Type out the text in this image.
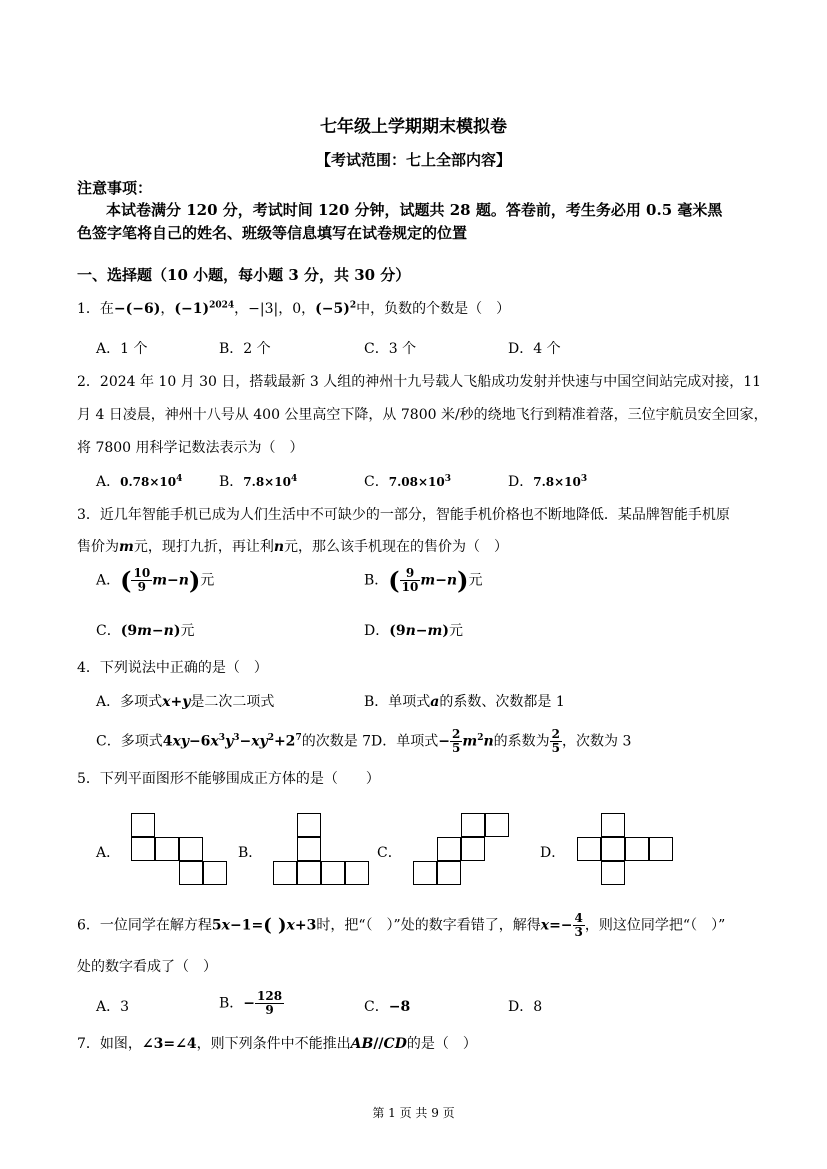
七年级上学期期末模拟卷
【考试范围：七上全部内容】
注意事项：
本试卷满分 120 分，考试时间 120 分钟，试题共 28 题。答卷前，考生务必用 0.5 毫米黑
色签字笔将自己的姓名、班级等信息填写在试卷规定的位置
一、选择题（10 小题，每小题 3 分，共 30 分）
1．在−(−6)，$(-1)^{2024}$，−|3|，0，$(-5)^2$中，负数的个数是（　）
A．1 个	B．2 个	C．3 个	D．4 个
2．2024 年 10 月 30 日，搭载最新 3 人组的神州十九号载人飞船成功发射并快速与中国空间站完成对接，11
月 4 日凌晨，神州十八号从 400 公里高空下降，从 7800 米/秒的绕地飞行到精准着落，三位宇航员安全回家，
将 7800 用科学记数法表示为（　）
A．$0.78\times 10^4$	B．$7.8\times 10^4$	C．$7.08\times 10^3$	D．$7.8\times 10^3$
3．近几年智能手机已成为人们生活中不可缺少的一部分，智能手机价格也不断地降低．某品牌智能手机原
售价为m元，现打九折，再让利n元，那么该手机现在的售价为（　）
A．( $\frac{10}{9} m-n$)元	B．( $\frac{9}{10} m-n$)元
C．(9m−n)元	D．(9n−m)元
4．下列说法中正确的是（　）
A．多项式x+y是二次二项式	B．单项式a的系数、次数都是 1
C．多项式$4xy-6x^3y^3-xy^2+2^7$的次数是 7D．单项式− $\frac{2}{5} m^2n$的系数为 $\frac{2}{5}$ ，次数为 3
5．下列平面图形不能够围成正方体的是（　　）
A．	B．	C．	D．
6．一位同学在解方程5x−1=( )x+3时，把“（　）”处的数字看错了，解得$x=- \frac{4}{3}$ ，则这位同学把“（　）”
处的数字看成了（　）
A．3	B．− $\frac{128}{9}$	C．−8	D．8
7．如图，∠3=∠4，则下列条件中不能推出AB//CD的是（　）
第 1 页 共 9 页
